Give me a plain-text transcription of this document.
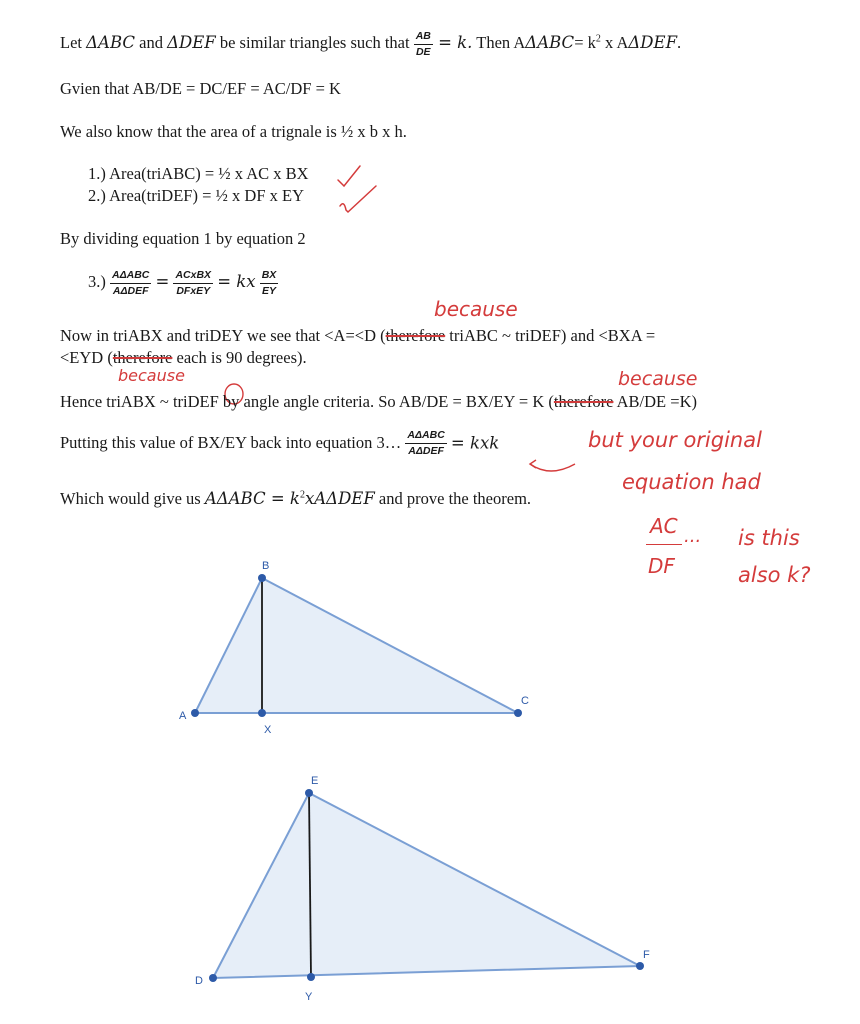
Let ΔABC and ΔDEF be similar triangles such that $\frac{AB}{DE} = k$. Then $A\Delta ABC= k^2$ x AΔDEF.
Gvien that AB/DE = DC/EF = AC/DF = K
We also know that the area of a trignale is ½ x b x h.
1.) Area(triABC) = ½ x AC x BX
2.) Area(triDEF) = ½ x DF x EY
By dividing equation 1 by equation 2
$3.) \frac{\text{AΔABC}}{\text{AΔDEF}} = \frac{\text{ACxBX}}{\text{DFxEY}}$ = kx $\frac{BX}{EY}$
because
Now in triABX and triDEY we see that <A=<D (therefore triABC ~ triDEF) and <BXA =
<EYD (therefore each is 90 degrees).
because	because
Hence triABX ~ triDEF by angle angle criteria. So AB/DE = BX/EY = K (therefore AB/DE =K)
Putting this value of BX/EY back into equation 3… $\frac{\text{AΔABC}}{\text{AΔDEF}}$ = kxk	but your original
equation had
AC ... is this
DF	also k?
Which would give us $A\Delta ABC = k^2xA\Delta DEF$ and prove the theorem.
A
B
C
X
D
E
F
Y
